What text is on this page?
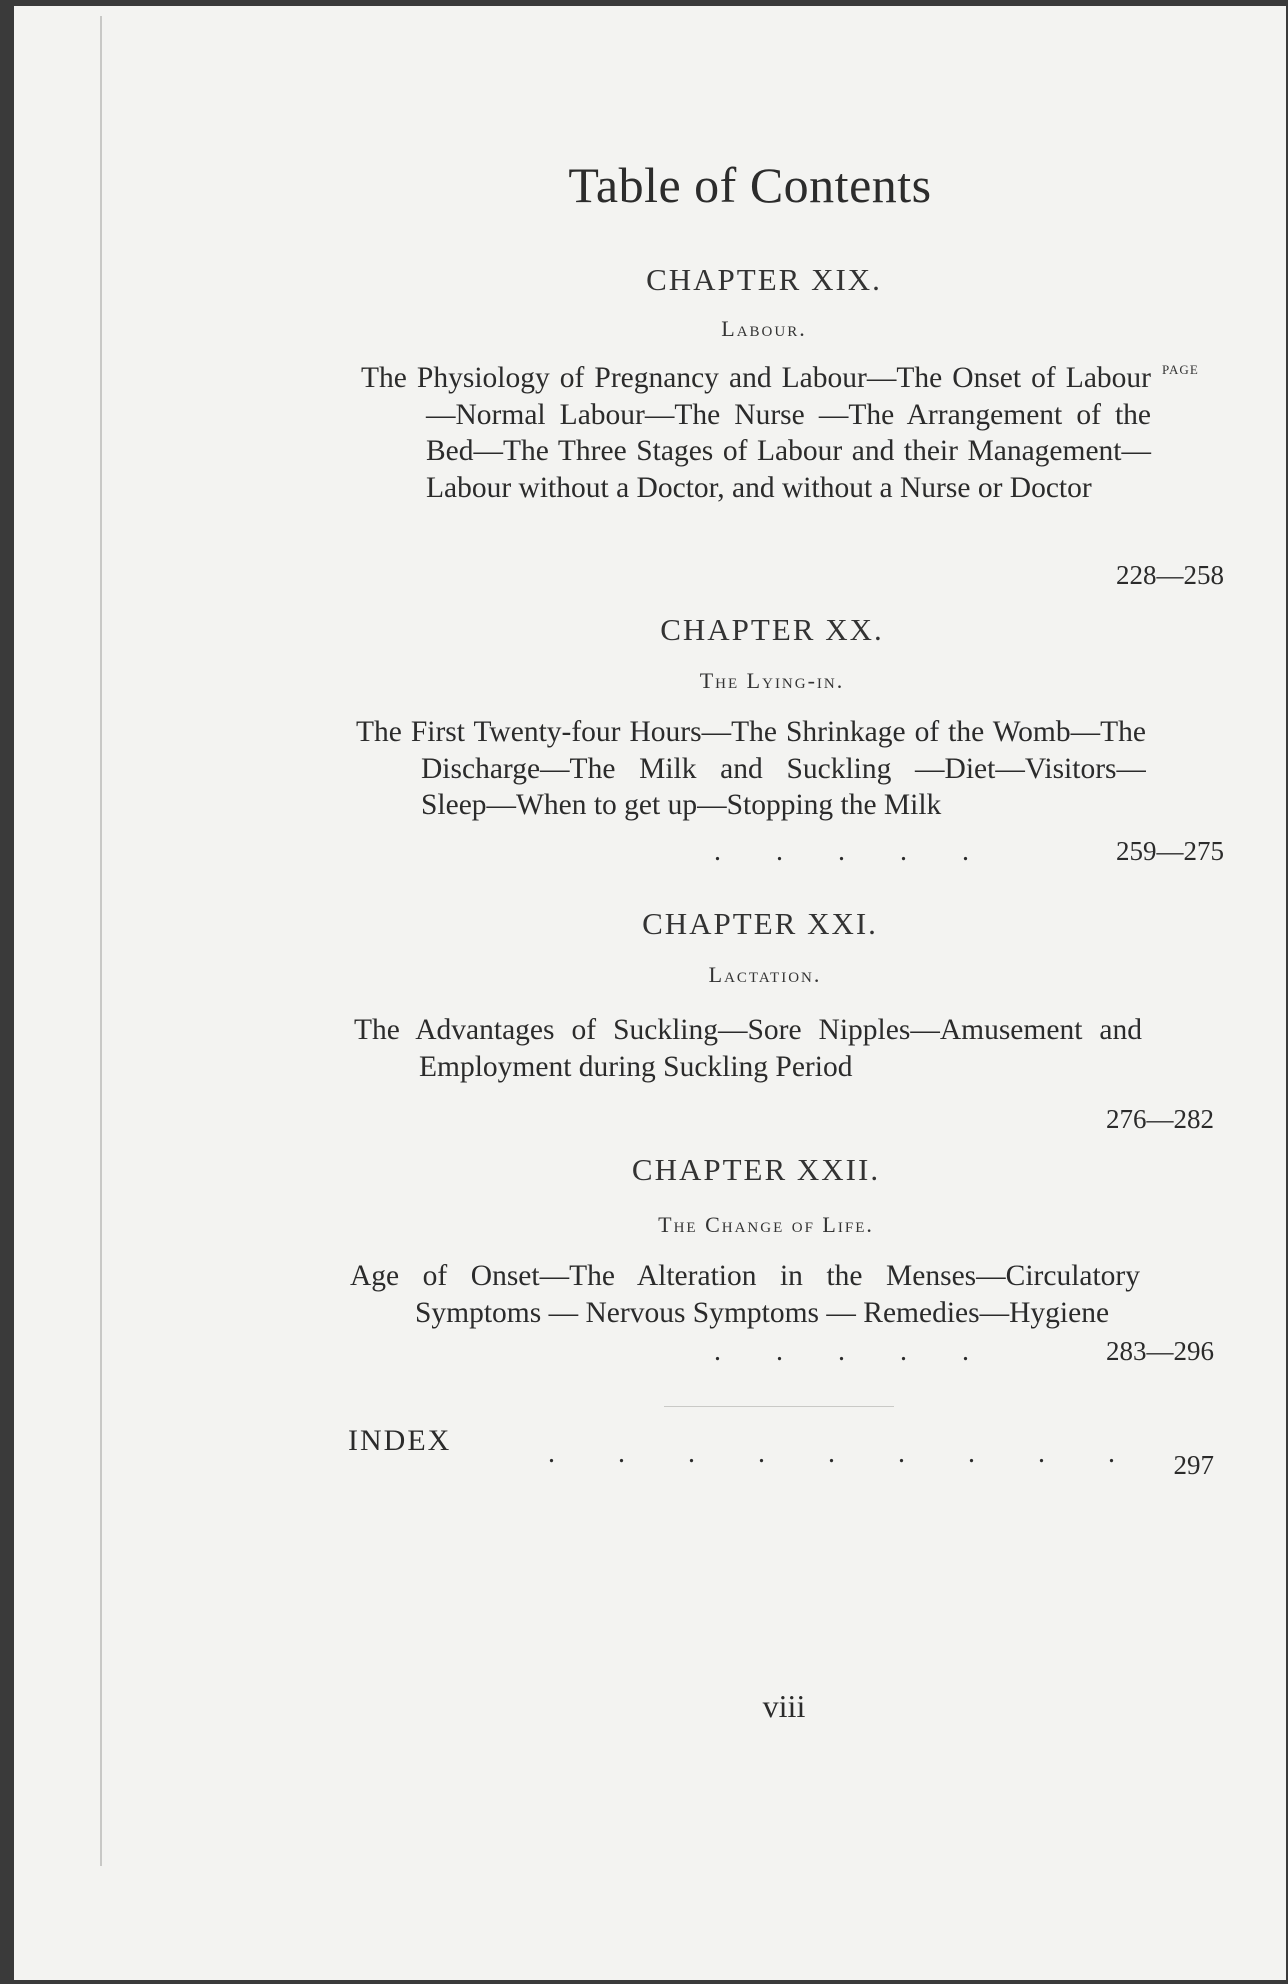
Table of Contents
CHAPTER XIX.
Labour.
PAGE
The Physiology of Pregnancy and Labour—The Onset of Labour—Normal Labour—The Nurse —The Arrangement of the Bed—The Three Stages of Labour and their Management—Labour without a Doctor, and without a Nurse or Doctor
228—258
CHAPTER XX.
The Lying-in.
The First Twenty-four Hours—The Shrinkage of the Womb—The Discharge—The Milk and Suckling —Diet—Visitors—Sleep—When to get up—Stopping the Milk
. . . . .	259—275
CHAPTER XXI.
Lactation.
The Advantages of Suckling—Sore Nipples—Amusement and Employment during Suckling Period
276—282
CHAPTER XXII.
The Change of Life.
Age of Onset—The Alteration in the Menses—Circulatory Symptoms — Nervous Symptoms — Remedies—Hygiene
. . . . .	283—296
INDEX	. . . . . . . . .	297
viii
